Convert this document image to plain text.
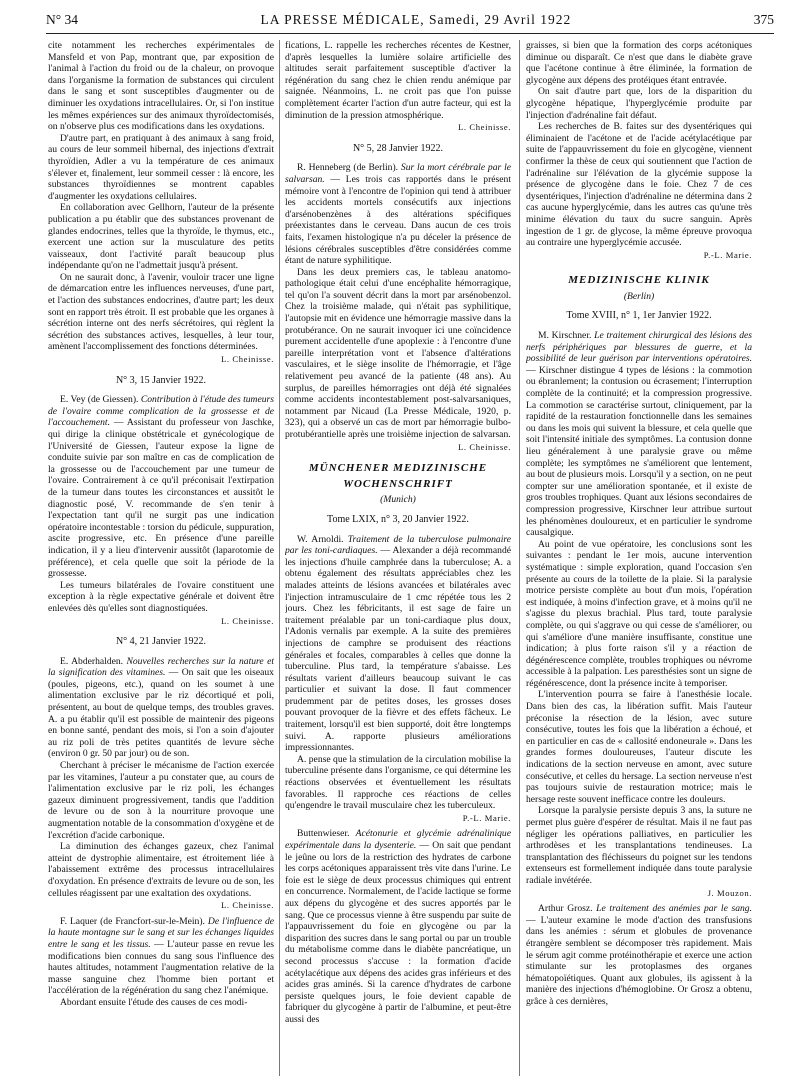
N° 34	LA PRESSE MÉDICALE, Samedi, 29 Avril 1922	375

cite notamment les recherches expérimentales de Mansfeld et von Pap, montrant que, par exposition de l'animal à l'action du froid ou de la chaleur, on provoque dans l'organisme la formation de substances qui circulent dans le sang et sont susceptibles d'augmenter ou de diminuer les oxydations intracellulaires. Or, si l'on institue les mêmes expériences sur des animaux thyroïdectomisés, on n'observe plus ces modifications dans les oxydations.

D'autre part, en pratiquant à des animaux à sang froid, au cours de leur sommeil hibernal, des injections d'extrait thyroïdien, Adler a vu la température de ces animaux s'élever et, finalement, leur sommeil cesser : là encore, les substances thyroïdiennes se montrent capables d'augmenter les oxydations cellulaires.

En collaboration avec Gellhorn, l'auteur de la présente publication a pu établir que des substances provenant de glandes endocrines, telles que la thyroïde, le thymus, etc., exercent une action sur la musculature des petits vaisseaux, dont l'activité paraît beaucoup plus indépendante qu'on ne l'admettait jusqu'à présent.

On ne saurait donc, à l'avenir, vouloir tracer une ligne de démarcation entre les influences nerveuses, d'une part, et l'action des substances endocrines, d'autre part; les deux sont en rapport très étroit. Il est probable que les organes à sécrétion interne ont des nerfs sécrétoires, qui règlent la sécrétion des substances actives, lesquelles, à leur tour, amènent l'accomplissement des fonctions déterminées.

L. Cheinisse.

N° 3, 15 Janvier 1922.

E. Vey (de Giessen). Contribution à l'étude des tumeurs de l'ovaire comme complication de la grossesse et de l'accouchement. — Assistant du professeur von Jaschke, qui dirige la clinique obstétricale et gynécologique de l'Université de Giessen, l'auteur expose la ligne de conduite suivie par son maître en cas de complication de la grossesse ou de l'accouchement par une tumeur de l'ovaire. Contrairement à ce qu'il préconisait l'extirpation de la tumeur dans toutes les circonstances et aussitôt le diagnostic posé, V. recommande de s'en tenir à l'expectation tant qu'il ne surgit pas une indication opératoire incontestable : torsion du pédicule, suppuration, ascite progressive, etc. En présence d'une pareille indication, il y a lieu d'intervenir aussitôt (laparotomie de préférence), et cela quelle que soit la période de la grossesse.

Les tumeurs bilatérales de l'ovaire constituent une exception à la règle expectative générale et doivent être enlevées dès qu'elles sont diagnostiquées.

L. Cheinisse.

N° 4, 21 Janvier 1922.

E. Abderhalden. Nouvelles recherches sur la nature et la signification des vitamines. — On sait que les oiseaux (poules, pigeons, etc.), quand on les soumet à une alimentation exclusive par le riz décortiqué et poli, présentent, au bout de quelque temps, des troubles graves. A. a pu établir qu'il est possible de maintenir des pigeons en bonne santé, pendant des mois, si l'on a soin d'ajouter au riz poli de très petites quantités de levure sèche (environ 0 gr. 50 par jour) ou de son.

Cherchant à préciser le mécanisme de l'action exercée par les vitamines, l'auteur a pu constater que, au cours de l'alimentation exclusive par le riz poli, les échanges gazeux diminuent progressivement, tandis que l'addition de levure ou de son à la nourriture provoque une augmentation notable de la consommation d'oxygène et de l'excrétion d'acide carbonique.

La diminution des échanges gazeux, chez l'animal atteint de dystrophie alimentaire, est étroitement liée à l'abaissement extrême des processus intracellulaires d'oxydation. En présence d'extraits de levure ou de son, les cellules réagissent par une exaltation des oxydations.

L. Cheinisse.

F. Laquer (de Francfort-sur-le-Mein). De l'influence de la haute montagne sur le sang et sur les échanges liquides entre le sang et les tissus. — L'auteur passe en revue les modifications bien connues du sang sous l'influence des hautes altitudes, notamment l'augmentation relative de la masse sanguine chez l'homme bien portant et l'accélération de la régénération du sang chez l'anémique.

Abordant ensuite l'étude des causes de ces modi-

fications, L. rappelle les recherches récentes de Kestner, d'après lesquelles la lumière solaire artificielle des altitudes serait parfaitement susceptible d'activer la régénération du sang chez le chien rendu anémique par saignée. Néanmoins, L. ne croit pas que l'on puisse complètement écarter l'action d'un autre facteur, qui est la diminution de la pression atmosphérique.

L. Cheinisse.

N° 5, 28 Janvier 1922.

R. Henneberg (de Berlin). Sur la mort cérébrale par le salvarsan. — Les trois cas rapportés dans le présent mémoire vont à l'encontre de l'opinion qui tend à attribuer les accidents mortels consécutifs aux injections d'arsénobenzènes à des altérations spécifiques préexistantes dans le cerveau. Dans aucun de ces trois faits, l'examen histologique n'a pu déceler la présence de lésions cérébrales susceptibles d'être considérées comme étant de nature syphilitique.

Dans les deux premiers cas, le tableau anatomo-pathologique était celui d'une encéphalite hémorragique, tel qu'on l'a souvent décrit dans la mort par arsénobenzol. Chez la troisième malade, qui n'était pas syphilitique, l'autopsie mit en évidence une hémorragie massive dans la protubérance. On ne saurait invoquer ici une coïncidence purement accidentelle d'une apoplexie : à l'encontre d'une pareille interprétation vont et l'absence d'altérations vasculaires, et le siège insolite de l'hémorragie, et l'âge relativement peu avancé de la patiente (48 ans). Au surplus, de pareilles hémorragies ont déjà été signalées comme accidents incontestablement post-salvarsaniques, notamment par Nicaud (La Presse Médicale, 1920, p. 323), qui a observé un cas de mort par hémorragie bulbo-protubérantielle après une troisième injection de salvarsan.

L. Cheinisse.

MÜNCHENER MEDIZINISCHE

WOCHENSCHRIFT

(Munich)

Tome LXIX, n° 3, 20 Janvier 1922.

W. Arnoldi. Traitement de la tuberculose pulmonaire par les toni-cardiaques. — Alexander a déjà recommandé les injections d'huile camphrée dans la tuberculose; A. a obtenu également des résultats appréciables chez les malades atteints de lésions avancées et bilatérales avec l'injection intramusculaire de 1 cmc répétée tous les 2 jours. Chez les fébricitants, il est sage de faire un traitement préalable par un toni-cardiaque plus doux, l'Adonis vernalis par exemple. A la suite des premières injections de camphre se produisent des réactions générales et focales, comparables à celles que donne la tuberculine. Plus tard, la température s'abaisse. Les résultats varient d'ailleurs beaucoup suivant le cas particulier et suivant la dose. Il faut commencer prudemment par de petites doses, les grosses doses pouvant provoquer de la fièvre et des effets fâcheux. Le traitement, lorsqu'il est bien supporté, doit être longtemps suivi. A. rapporte plusieurs améliorations impressionnantes.

A. pense que la stimulation de la circulation mobilise la tuberculine présente dans l'organisme, ce qui détermine les réactions observées et éventuellement les résultats favorables. Il rapproche ces réactions de celles qu'engendre le travail musculaire chez les tuberculeux.

P.-L. Marie.

Buttenwieser. Acétonurie et glycémie adrénalinique expérimentale dans la dysenterie. — On sait que pendant le jeûne ou lors de la restriction des hydrates de carbone les corps acétoniques apparaissent très vite dans l'urine. Le foie est le siège de deux processus chimiques qui entrent en concurrence. Normalement, de l'acide lactique se forme aux dépens du glycogène et des sucres apportés par le sang. Que ce processus vienne à être suspendu par suite de l'appauvrissement du foie en glycogène ou par la disparition des sucres dans le sang portal ou par un trouble du métabolisme comme dans le diabète pancréatique, un second processus s'accuse : la formation d'acide acétylacétique aux dépens des acides gras inférieurs et des acides gras aminés. Si la carence d'hydrates de carbone persiste quelques jours, le foie devient capable de fabriquer du glycogène à partir de l'albumine, et peut-être aussi des

graisses, si bien que la formation des corps acétoniques diminue ou disparaît. Ce n'est que dans le diabète grave que l'acétone continue à être éliminée, la formation de glycogène aux dépens des protéiques étant entravée.

On sait d'autre part que, lors de la disparition du glycogène hépatique, l'hyperglycémie produite par l'injection d'adrénaline fait défaut.

Les recherches de B. faites sur des dysentériques qui éliminaient de l'acétone et de l'acide acétylacétique par suite de l'appauvrissement du foie en glycogène, viennent confirmer la thèse de ceux qui soutiennent que l'action de l'adrénaline sur l'élévation de la glycémie suppose la présence de glycogène dans le foie. Chez 7 de ces dysentériques, l'injection d'adrénaline ne détermina dans 2 cas aucune hyperglycémie, dans les autres cas qu'une très minime élévation du taux du sucre sanguin. Après ingestion de 1 gr. de glycose, la même épreuve provoqua au contraire une hyperglycémie accusée.

P.-L. Marie.

MEDIZINISCHE KLINIK

(Berlin)

Tome XVIII, n° 1, 1er Janvier 1922.

M. Kirschner. Le traitement chirurgical des lésions des nerfs périphériques par blessures de guerre, et la possibilité de leur guérison par interventions opératoires. — Kirschner distingue 4 types de lésions : la commotion ou ébranlement; la contusion ou écrasement; l'interruption complète de la continuité; et la compression progressive. La commotion se caractérise surtout, cliniquement, par la rapidité de la restauration fonctionnelle dans les semaines ou dans les mois qui suivent la blessure, et cela quelle que soit l'intensité initiale des symptômes. La contusion donne lieu généralement à une paralysie grave ou même complète; les symptômes ne s'améliorent que lentement, au bout de plusieurs mois. Lorsqu'il y a section, on ne peut compter sur une amélioration spontanée, et il existe de gros troubles trophiques. Quant aux lésions secondaires de compression progressive, Kirschner leur attribue surtout les phénomènes douloureux, et en particulier le syndrome causalgique.

Au point de vue opératoire, les conclusions sont les suivantes : pendant le 1er mois, aucune intervention systématique : simple exploration, quand l'occasion s'en présente au cours de la toilette de la plaie. Si la paralysie motrice persiste complète au bout d'un mois, l'opération est indiquée, à moins d'infection grave, et à moins qu'il ne s'agisse du plexus brachial. Plus tard, toute paralysie complète, ou qui s'aggrave ou qui cesse de s'améliorer, ou qui s'améliore d'une manière insuffisante, constitue une indication; à plus forte raison s'il y a réaction de dégénérescence complète, troubles trophiques ou névrome accessible à la palpation. Les paresthésies sont un signe de régénérescence, dont la présence incite à temporiser.

L'intervention pourra se faire à l'anesthésie locale. Dans bien des cas, la libération suffit. Mais l'auteur préconise la résection de la lésion, avec suture consécutive, toutes les fois que la libération a échoué, et en particulier en cas de « callosité endoneurale ». Dans les grandes formes douloureuses, l'auteur discute les indications de la section nerveuse en amont, avec suture consécutive, et celles du hersage. La section nerveuse n'est pas toujours suivie de restauration motrice; mais le hersage reste souvent inefficace contre les douleurs.

Lorsque la paralysie persiste depuis 3 ans, la suture ne permet plus guère d'espérer de résultat. Mais il ne faut pas négliger les opérations palliatives, en particulier les arthrodèses et les transplantations tendineuses. La transplantation des fléchisseurs du poignet sur les tendons extenseurs est formellement indiquée dans toute paralysie radiale invétérée.

J. Mouzon.

Arthur Grosz. Le traitement des anémies par le sang. — L'auteur examine le mode d'action des transfusions dans les anémies : sérum et globules de provenance étrangère semblent se décomposer très rapidement. Mais le sérum agit comme protéinothérapie et exerce une action stimulante sur les protoplasmes des organes hématopoïétiques. Quant aux globules, ils agissent à la manière des injections d'hémoglobine. Or Grosz a obtenu, grâce à ces dernières,
